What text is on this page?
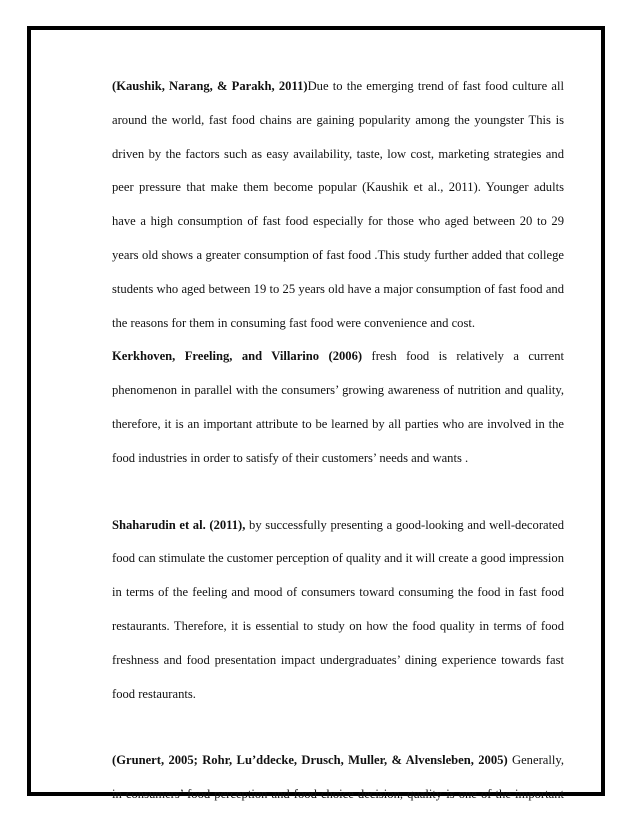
(Kaushik, Narang, & Parakh, 2011)Due to the emerging trend of fast food culture all

around the world, fast food chains are gaining popularity among the youngster This is

driven by the factors such as easy availability, taste, low cost, marketing strategies and

peer pressure that make them become popular (Kaushik et al., 2011). Younger adults

have a high consumption of fast food especially for those who aged between 20 to 29

years old shows a greater consumption of fast food .This study further added that college

students who aged between 19 to 25 years old have a major consumption of fast food and

the reasons for them in consuming fast food were convenience and cost.

Kerkhoven, Freeling, and Villarino (2006) fresh food is relatively a current

phenomenon in parallel with the consumers’ growing awareness of nutrition and quality,

therefore, it is an important attribute to be learned by all parties who are involved in the

food industries in order to satisfy of their customers’ needs and wants .

Shaharudin et al. (2011), by successfully presenting a good-looking and well-decorated

food can stimulate the customer perception of quality and it will create a good impression

in terms of the feeling and mood of consumers toward consuming the food in fast food

restaurants. Therefore, it is essential to study on how the food quality in terms of food

freshness and food presentation impact undergraduates’ dining experience towards fast

food restaurants.

(Grunert, 2005; Rohr, Lu’ddecke, Drusch, Muller, & Alvensleben, 2005) Generally,

in consumers’ food perception and food choice decision, quality is one of the important
